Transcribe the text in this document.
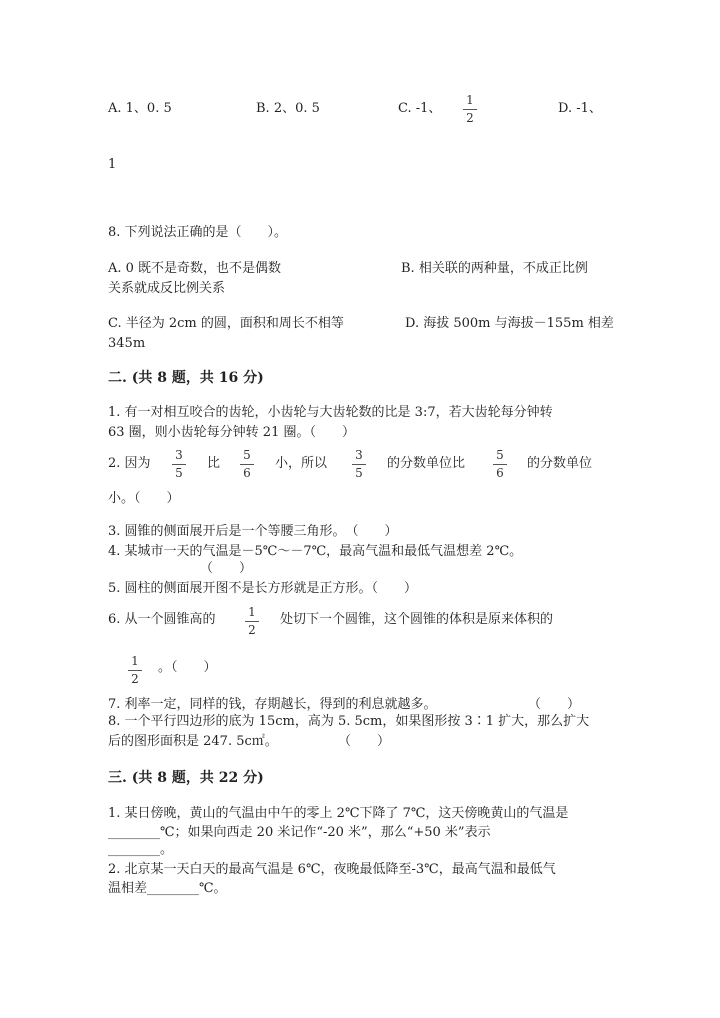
A. 1、0. 5	B. 2、0. 5	C. -1、
1
2
D. -1、
1
8. 下列说法正确的是（　　）。
A. 0 既不是奇数，也不是偶数	B. 相关联的两种量，不成正比例
关系就成反比例关系
C. 半径为 2cm 的圆，面积和周长不相等	D. 海拔 500m 与海拔－155m 相差
345m
二. (共 8 题，共 16 分)
1. 有一对相互咬合的齿轮，小齿轮与大齿轮数的比是 3:7，若大齿轮每分钟转
63 圈，则小齿轮每分钟转 21 圈。（　　）
2. 因为
3
5
比
5
6
小，所以
3
5
的分数单位比
5
6
的分数单位
小。（　　）
3. 圆锥的侧面展开后是一个等腰三角形。　（　　）
4. 某城市一天的气温是－5℃～－7℃，最高气温和最低气温想差 2℃。
（　　）
5. 圆柱的侧面展开图不是长方形就是正方形。（　　）
6. 从一个圆锥高的	1
2
处切下一个圆锥，这个圆锥的体积是原来体积的
1
2
。（　　）
7. 利率一定，同样的钱，存期越长，得到的利息就越多。	（　　）
8. 一个平行四边形的底为 15cm，高为 5. 5cm，如果图形按 3∶1 扩大，那么扩大
后的图形面积是 247. 5c㎡。	（　　）
三. (共 8 题，共 22 分)
1. 某日傍晚，黄山的气温由中午的零上 2℃下降了 7℃，这天傍晚黄山的气温是
________℃；如果向西走 20 米记作“-20 米”，那么“+50 米”表示
________。
2. 北京某一天白天的最高气温是 6℃，夜晚最低降至-3℃，最高气温和最低气
温相差________℃。
